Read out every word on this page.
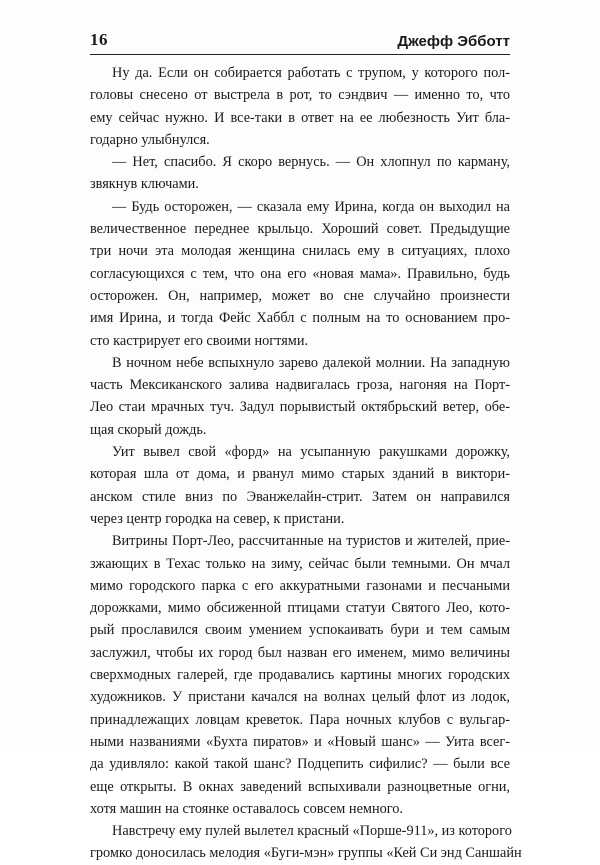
16	Джефф Эбботт
Ну да. Если он собирается работать с трупом, у которого пол-
головы снесено от выстрела в рот, то сэндвич — именно то, что
ему сейчас нужно. И все-таки в ответ на ее любезность Уит бла-
годарно улыбнулся.
— Нет, спасибо. Я скоро вернусь. — Он хлопнул по карману,
звякнув ключами.
— Будь осторожен, — сказала ему Ирина, когда он выходил на
величественное переднее крыльцо. Хороший совет. Предыдущие
три ночи эта молодая женщина снилась ему в ситуациях, плохо
согласующихся с тем, что она его «новая мама». Правильно, будь
осторожен. Он, например, может во сне случайно произнести
имя Ирина, и тогда Фейс Хаббл с полным на то основанием про-
сто кастрирует его своими ногтями.
В ночном небе вспыхнуло зарево далекой молнии. На западную
часть Мексиканского залива надвигалась гроза, нагоняя на Порт-
Лео стаи мрачных туч. Задул порывистый октябрьский ветер, обе-
щая скорый дождь.
Уит вывел свой «форд» на усыпанную ракушками дорожку,
которая шла от дома, и рванул мимо старых зданий в виктори-
анском стиле вниз по Эванжелайн-стрит. Затем он направился
через центр городка на север, к пристани.
Витрины Порт-Лео, рассчитанные на туристов и жителей, прие-
зжающих в Техас только на зиму, сейчас были темными. Он мчал
мимо городского парка с его аккуратными газонами и песчаными
дорожками, мимо обсиженной птицами статуи Святого Лео, кото-
рый прославился своим умением успокаивать бури и тем самым
заслужил, чтобы их город был назван его именем, мимо величины
сверхмодных галерей, где продавались картины многих городских
художников. У пристани качался на волнах целый флот из лодок,
принадлежащих ловцам креветок. Пара ночных клубов с вульгар-
ными названиями «Бухта пиратов» и «Новый шанс» — Уита всег-
да удивляло: какой такой шанс? Подцепить сифилис? — были все
еще открыты. В окнах заведений вспыхивали разноцветные огни,
хотя машин на стоянке оставалось совсем немного.
Навстречу ему пулей вылетел красный «Порше-911», из которого
громко доносилась мелодия «Буги-мэн» группы «Кей Си энд Саншайн
